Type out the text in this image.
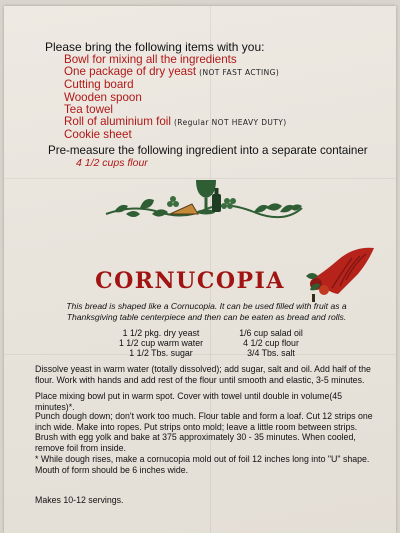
Please bring the following items with you:
Bowl for mixing all the ingredients
One package of dry yeast (NOT FAST ACTING)
Cutting board
Wooden spoon
Tea towel
Roll of aluminium foil (Regular NOT HEAVY DUTY)
Cookie sheet
Pre-measure the following ingredient into a separate container
4 1/2 cups flour
CORNUCOPIA
This bread is shaped like a Cornucopia. It can be used filled with fruit as a Thanksgiving table centerpiece and then can be eaten as bread and rolls.
1 1/2 pkg. dry yeast
1 1/2 cup warm water
1 1/2 Tbs. sugar
1/6 cup salad oil
4 1/2 cup flour
3/4 Tbs. salt
Dissolve yeast in warm water (totally dissolved); add sugar, salt and oil. Add half of the flour. Work with hands and add rest of the flour until smooth and elastic, 3-5 minutes.
Place mixing bowl put in warm spot. Cover with towel until double in volume(45 minutes)*.
Punch dough down; don't work too much. Flour table and form a loaf. Cut 12 strips one inch wide. Make into ropes. Put strips onto mold; leave a little room between strips. Brush with egg yolk and bake at 375 approximately 30 - 35 minutes. When cooled, remove foil from inside.
* While dough rises, make a cornucopia mold out of foil 12 inches long into "U" shape. Mouth of form should be 6 inches wide.
Makes 10-12 servings.
